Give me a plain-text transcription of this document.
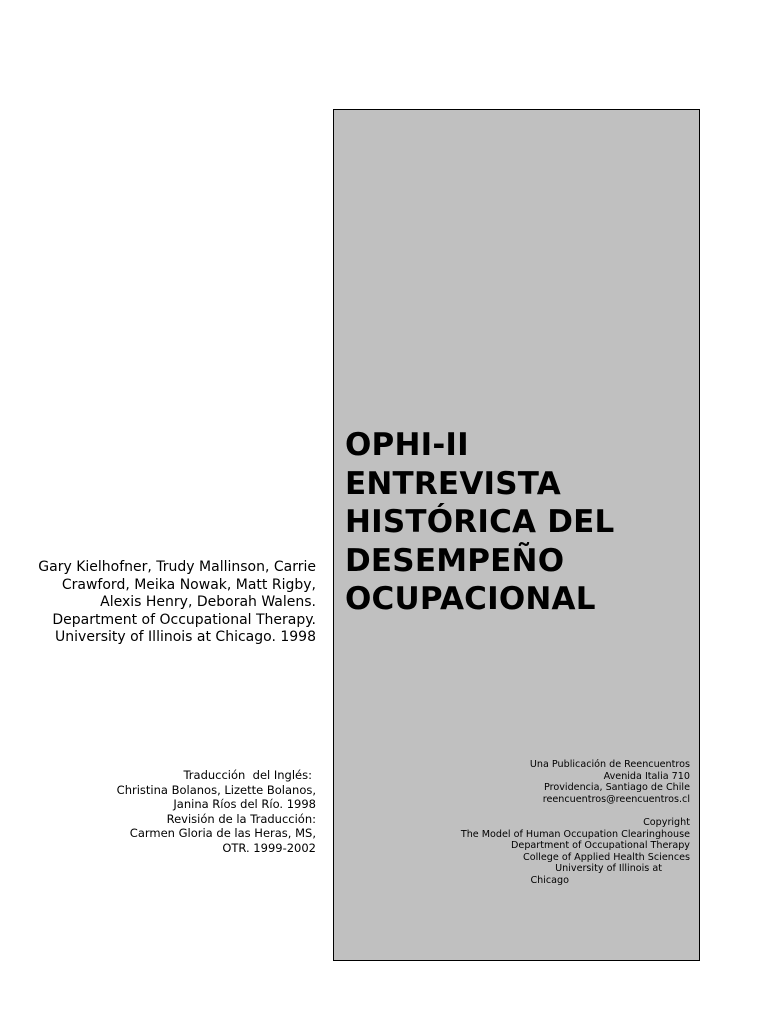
OPHI-II
ENTREVISTA
HISTÓRICA DEL
DESEMPEÑO
OCUPACIONAL

Gary Kielhofner, Trudy Mallinson, Carrie Crawford, Meika Nowak, Matt Rigby, Alexis Henry, Deborah Walens.

Department of Occupational Therapy. University of Illinois at Chicago. 1998

Traducción  del Inglés:
Christina Bolanos, Lizette Bolanos,
Janina Ríos del Río. 1998
Revisión de la Traducción:
Carmen Gloria de las Heras, MS,
OTR. 1999-2002
Una Publicación de Reencuentros
Avenida Italia 710
Providencia, Santiago de Chile
reencuentros@reencuentros.cl
Copyright
The Model of Human Occupation Clearinghouse
Department of Occupational Therapy
College of Applied Health Sciences
University of Illinois at
Chicago
